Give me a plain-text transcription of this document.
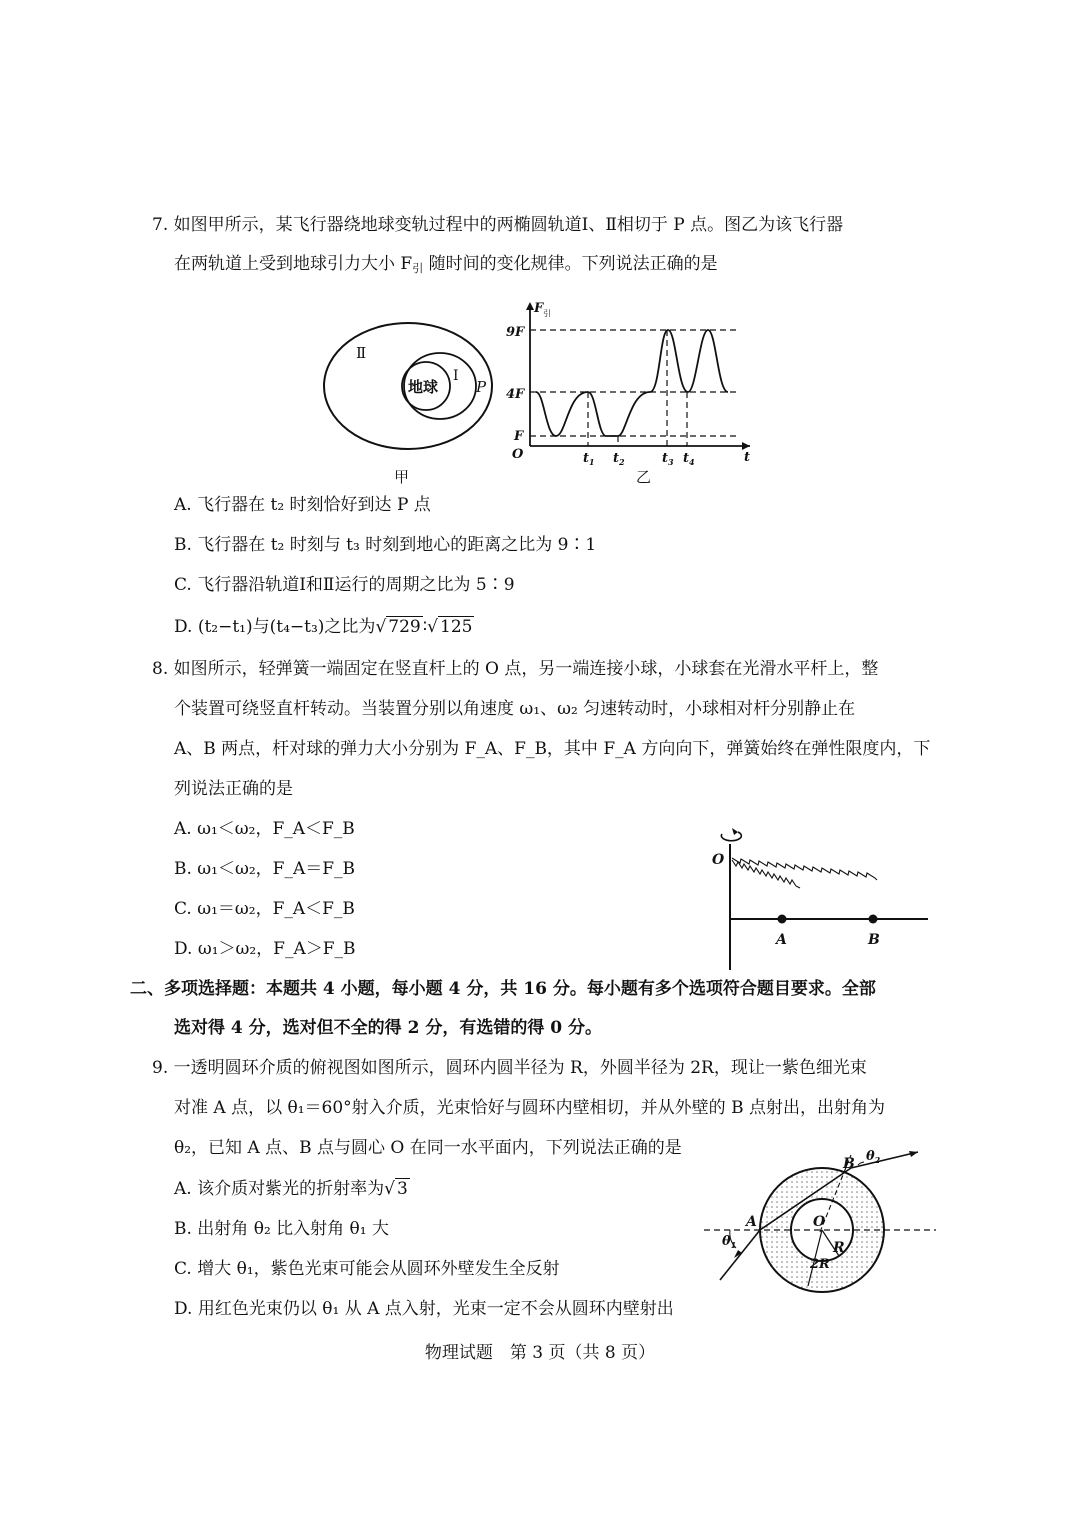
7. 如图甲所示，某飞行器绕地球变轨过程中的两椭圆轨道Ⅰ、Ⅱ相切于 P 点。图乙为该飞行器
在两轨道上受到地球引力大小 $F_引$ 随时间的变化规律。下列说法正确的是
地球
Ⅰ
Ⅱ
P
甲
F 引
9F
4F
F
O	t
$t_1$ $t_2$	$t_3$ $t_4$
乙
A. 飞行器在 t₂ 时刻恰好到达 P 点
B. 飞行器在 t₂ 时刻与 t₃ 时刻到地心的距离之比为 9∶1
C. 飞行器沿轨道Ⅰ和Ⅱ运行的周期之比为 5∶9
D. (t₂−t₁)与(t₄−t₃)之比为√ 729 ∶√ 125
8. 如图所示，轻弹簧一端固定在竖直杆上的 O 点，另一端连接小球，小球套在光滑水平杆上，整
个装置可绕竖直杆转动。当装置分别以角速度 ω₁、ω₂ 匀速转动时，小球相对杆分别静止在
A、B 两点，杆对球的弹力大小分别为 F_A、F_B，其中 F_A 方向向下，弹簧始终在弹性限度内，下
列说法正确的是
A. ω₁＜ω₂，F_A＜F_B
B. ω₁＜ω₂，F_A＝F_B
C. ω₁＝ω₂，F_A＜F_B
D. ω₁＞ω₂，F_A＞F_B
O
A	B
二、多项选择题：本题共 4 小题，每小题 4 分，共 16 分。每小题有多个选项符合题目要求。全部
选对得 4 分，选对但不全的得 2 分，有选错的得 0 分。
9. 一透明圆环介质的俯视图如图所示，圆环内圆半径为 R，外圆半径为 2R，现让一紫色细光束
对准 A 点，以 θ₁＝60°射入介质，光束恰好与圆环内壁相切，并从外壁的 B 点射出，出射角为
θ₂，已知 A 点、B 点与圆心 O 在同一水平面内，下列说法正确的是
A. 该介质对紫光的折射率为√ 3
B. 出射角 θ₂ 比入射角 θ₁ 大
C. 增大 θ₁，紫色光束可能会从圆环外壁发生全反射
D. 用红色光束仍以 θ₁ 从 A 点入射，光束一定不会从圆环内壁射出
A
B
O
R
2R
$\theta_1$
$\theta_2$
物理试题　第 3 页（共 8 页）
